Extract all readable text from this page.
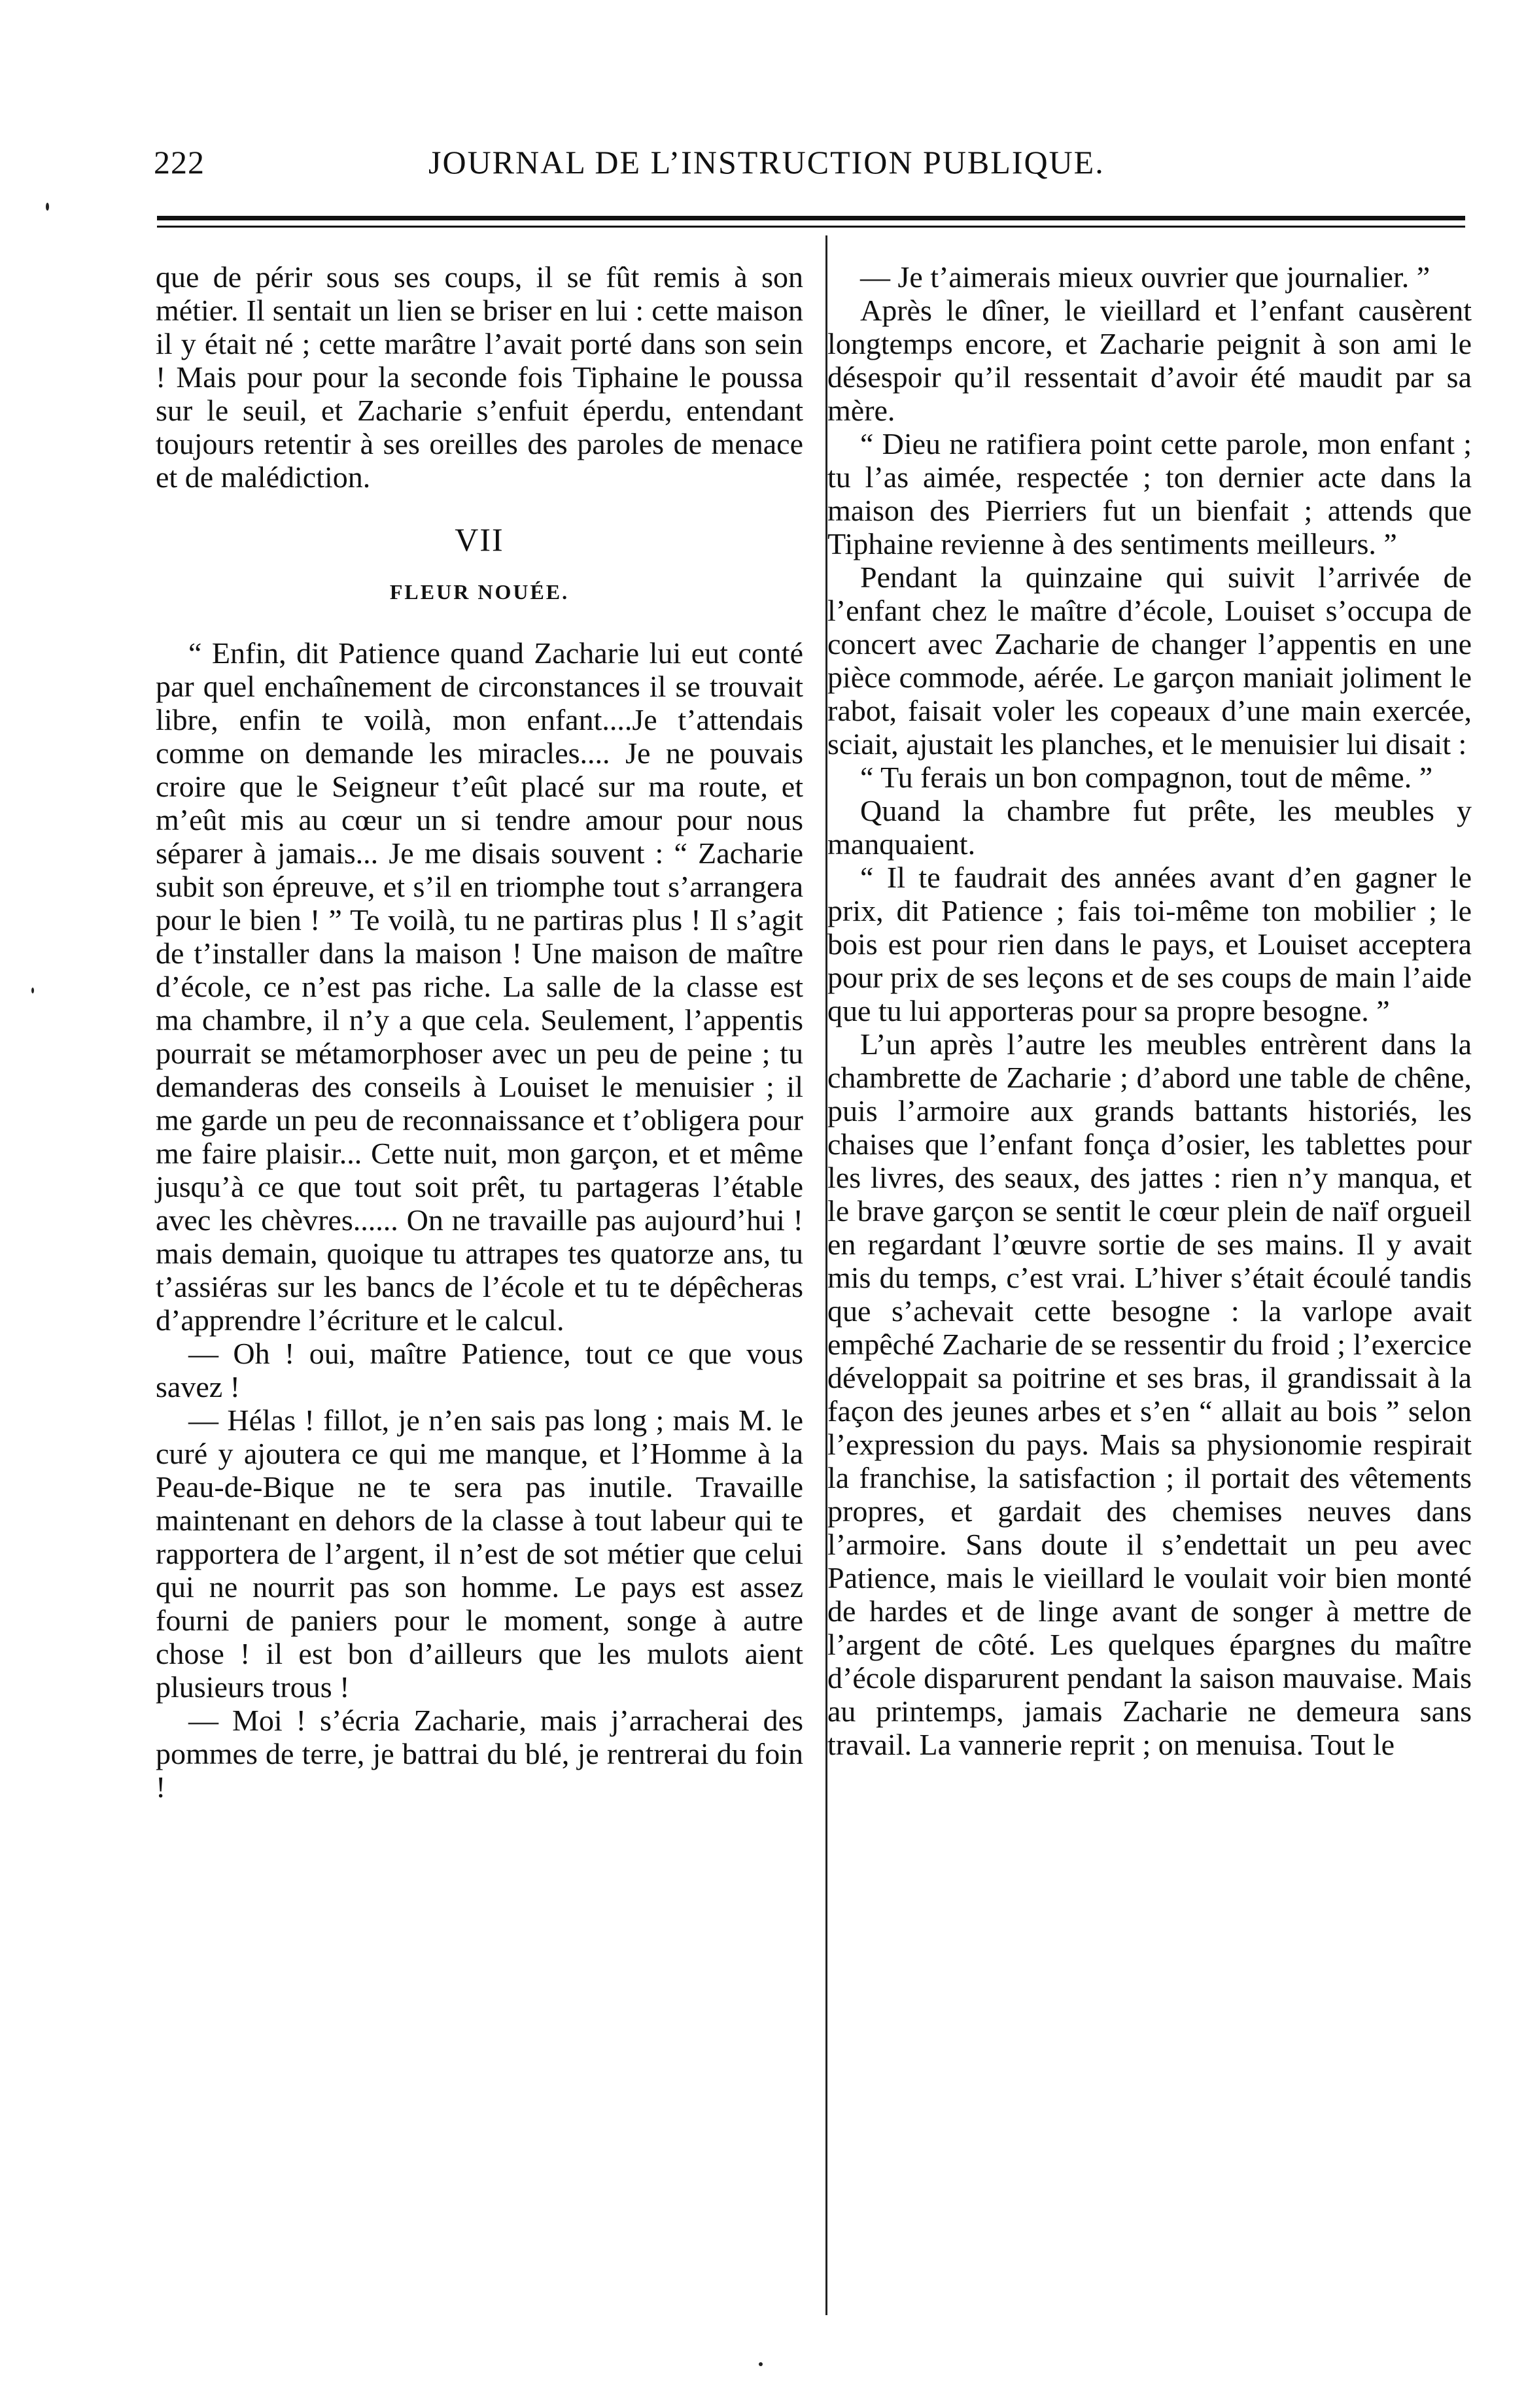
222	JOURNAL DE L’INSTRUCTION PUBLIQUE.

que de périr sous ses coups, il se fût remis à son métier. Il sentait un lien se briser en lui : cette maison il y était né ; cette marâtre l’avait porté dans son sein ! Mais pour pour la seconde fois Tiphaine le poussa sur le seuil, et Zacharie s’enfuit éperdu, entendant toujours retentir à ses oreilles des paroles de menace et de malédiction.

VII
FLEUR NOUÉE.

“ Enfin, dit Patience quand Zacharie lui eut conté par quel enchaînement de circonstances il se trouvait libre, enfin te voilà, mon enfant....Je t’attendais comme on demande les miracles.... Je ne pouvais croire que le Seigneur t’eût placé sur ma route, et m’eût mis au cœur un si tendre amour pour nous séparer à jamais... Je me disais souvent : “ Zacharie subit son épreuve, et s’il en triomphe tout s’arrangera pour le bien ! ” Te voilà, tu ne partiras plus ! Il s’agit de t’installer dans la maison ! Une maison de maître d’école, ce n’est pas riche. La salle de la classe est ma chambre, il n’y a que cela. Seulement, l’appentis pourrait se métamorphoser avec un peu de peine ; tu demanderas des conseils à Louiset le menuisier ; il me garde un peu de reconnaissance et t’obligera pour me faire plaisir... Cette nuit, mon garçon, et et même jusqu’à ce que tout soit prêt, tu partageras l’étable avec les chèvres...... On ne travaille pas aujourd’hui ! mais demain, quoique tu attrapes tes quatorze ans, tu t’assiéras sur les bancs de l’école et tu te dépêcheras d’apprendre l’écriture et le calcul.

— Oh ! oui, maître Patience, tout ce que vous savez !

— Hélas ! fillot, je n’en sais pas long ; mais M. le curé y ajoutera ce qui me manque, et l’Homme à la Peau-de-Bique ne te sera pas inutile. Travaille maintenant en dehors de la classe à tout labeur qui te rapportera de l’argent, il n’est de sot métier que celui qui ne nourrit pas son homme. Le pays est assez fourni de paniers pour le moment, songe à autre chose ! il est bon d’ailleurs que les mulots aient plusieurs trous !

— Moi ! s’écria Zacharie, mais j’arracherai des pommes de terre, je battrai du blé, je rentrerai du foin !

— Je t’aimerais mieux ouvrier que journalier. ”

Après le dîner, le vieillard et l’enfant causèrent longtemps encore, et Zacharie peignit à son ami le désespoir qu’il ressentait d’avoir été maudit par sa mère.

“ Dieu ne ratifiera point cette parole, mon enfant ; tu l’as aimée, respectée ; ton dernier acte dans la maison des Pierriers fut un bienfait ; attends que Tiphaine revienne à des sentiments meilleurs. ”

Pendant la quinzaine qui suivit l’arrivée de l’enfant chez le maître d’école, Louiset s’occupa de concert avec Zacharie de changer l’appentis en une pièce commode, aérée. Le garçon maniait joliment le rabot, faisait voler les copeaux d’une main exercée, sciait, ajustait les planches, et le menuisier lui disait :

“ Tu ferais un bon compagnon, tout de même. ”

Quand la chambre fut prête, les meubles y manquaient.

“ Il te faudrait des années avant d’en gagner le prix, dit Patience ; fais toi-même ton mobilier ; le bois est pour rien dans le pays, et Louiset acceptera pour prix de ses leçons et de ses coups de main l’aide que tu lui apporteras pour sa propre besogne. ”

L’un après l’autre les meubles entrèrent dans la chambrette de Zacharie ; d’abord une table de chêne, puis l’armoire aux grands battants historiés, les chaises que l’enfant fonça d’osier, les tablettes pour les livres, des seaux, des jattes : rien n’y manqua, et le brave garçon se sentit le cœur plein de naïf orgueil en regardant l’œuvre sortie de ses mains. Il y avait mis du temps, c’est vrai. L’hiver s’était écoulé tandis que s’achevait cette besogne : la varlope avait empêché Zacharie de se ressentir du froid ; l’exercice développait sa poitrine et ses bras, il grandissait à la façon des jeunes arbes et s’en “ allait au bois ” selon l’expression du pays. Mais sa physionomie respirait la franchise, la satisfaction ; il portait des vêtements propres, et gardait des chemises neuves dans l’armoire. Sans doute il s’endettait un peu avec Patience, mais le vieillard le voulait voir bien monté de hardes et de linge avant de songer à mettre de l’argent de côté. Les quelques épargnes du maître d’école disparurent pendant la saison mauvaise. Mais au printemps, jamais Zacharie ne demeura sans travail. La vannerie reprit ; on menuisa. Tout le
